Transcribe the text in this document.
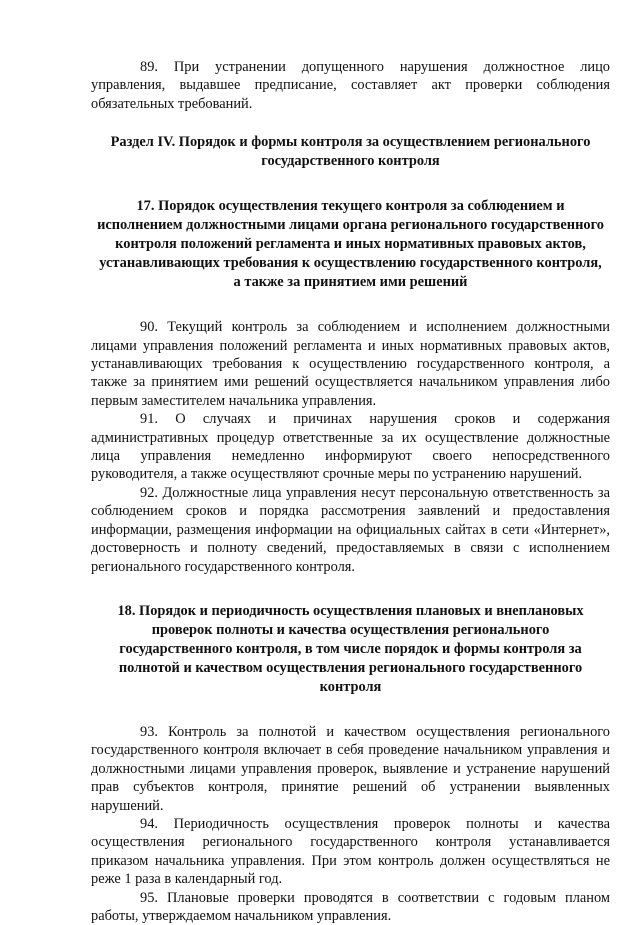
89. При устранении допущенного нарушения должностное лицо управления, выдавшее предписание, составляет акт проверки соблюдения обязательных требований.

Раздел IV. Порядок и формы контроля за осуществлением регионального государственного контроля

17. Порядок осуществления текущего контроля за соблюдением и исполнением должностными лицами органа регионального государственного контроля положений регламента и иных нормативных правовых актов, устанавливающих требования к осуществлению государственного контроля, а также за принятием ими решений

90. Текущий контроль за соблюдением и исполнением должностными лицами управления положений регламента и иных нормативных правовых актов, устанавливающих требования к осуществлению государственного контроля, а также за принятием ими решений осуществляется начальником управления либо первым заместителем начальника управления.

91. О случаях и причинах нарушения сроков и содержания административных процедур ответственные за их осуществление должностные лица управления немедленно информируют своего непосредственного руководителя, а также осуществляют срочные меры по устранению нарушений.

92. Должностные лица управления несут персональную ответственность за соблюдением сроков и порядка рассмотрения заявлений и предоставления информации, размещения информации на официальных сайтах в сети «Интернет», достоверность и полноту сведений, предоставляемых в связи с исполнением регионального государственного контроля.

18. Порядок и периодичность осуществления плановых и внеплановых проверок полноты и качества осуществления регионального государственного контроля, в том числе порядок и формы контроля за полнотой и качеством осуществления регионального государственного контроля

93. Контроль за полнотой и качеством осуществления регионального государственного контроля включает в себя проведение начальником управления и должностными лицами управления проверок, выявление и устранение нарушений прав субъектов контроля, принятие решений об устранении выявленных нарушений.

94. Периодичность осуществления проверок полноты и качества осуществления регионального государственного контроля устанавливается приказом начальника управления. При этом контроль должен осуществляться не реже 1 раза в календарный год.

95. Плановые проверки проводятся в соответствии с годовым планом работы, утверждаемом начальником управления.
